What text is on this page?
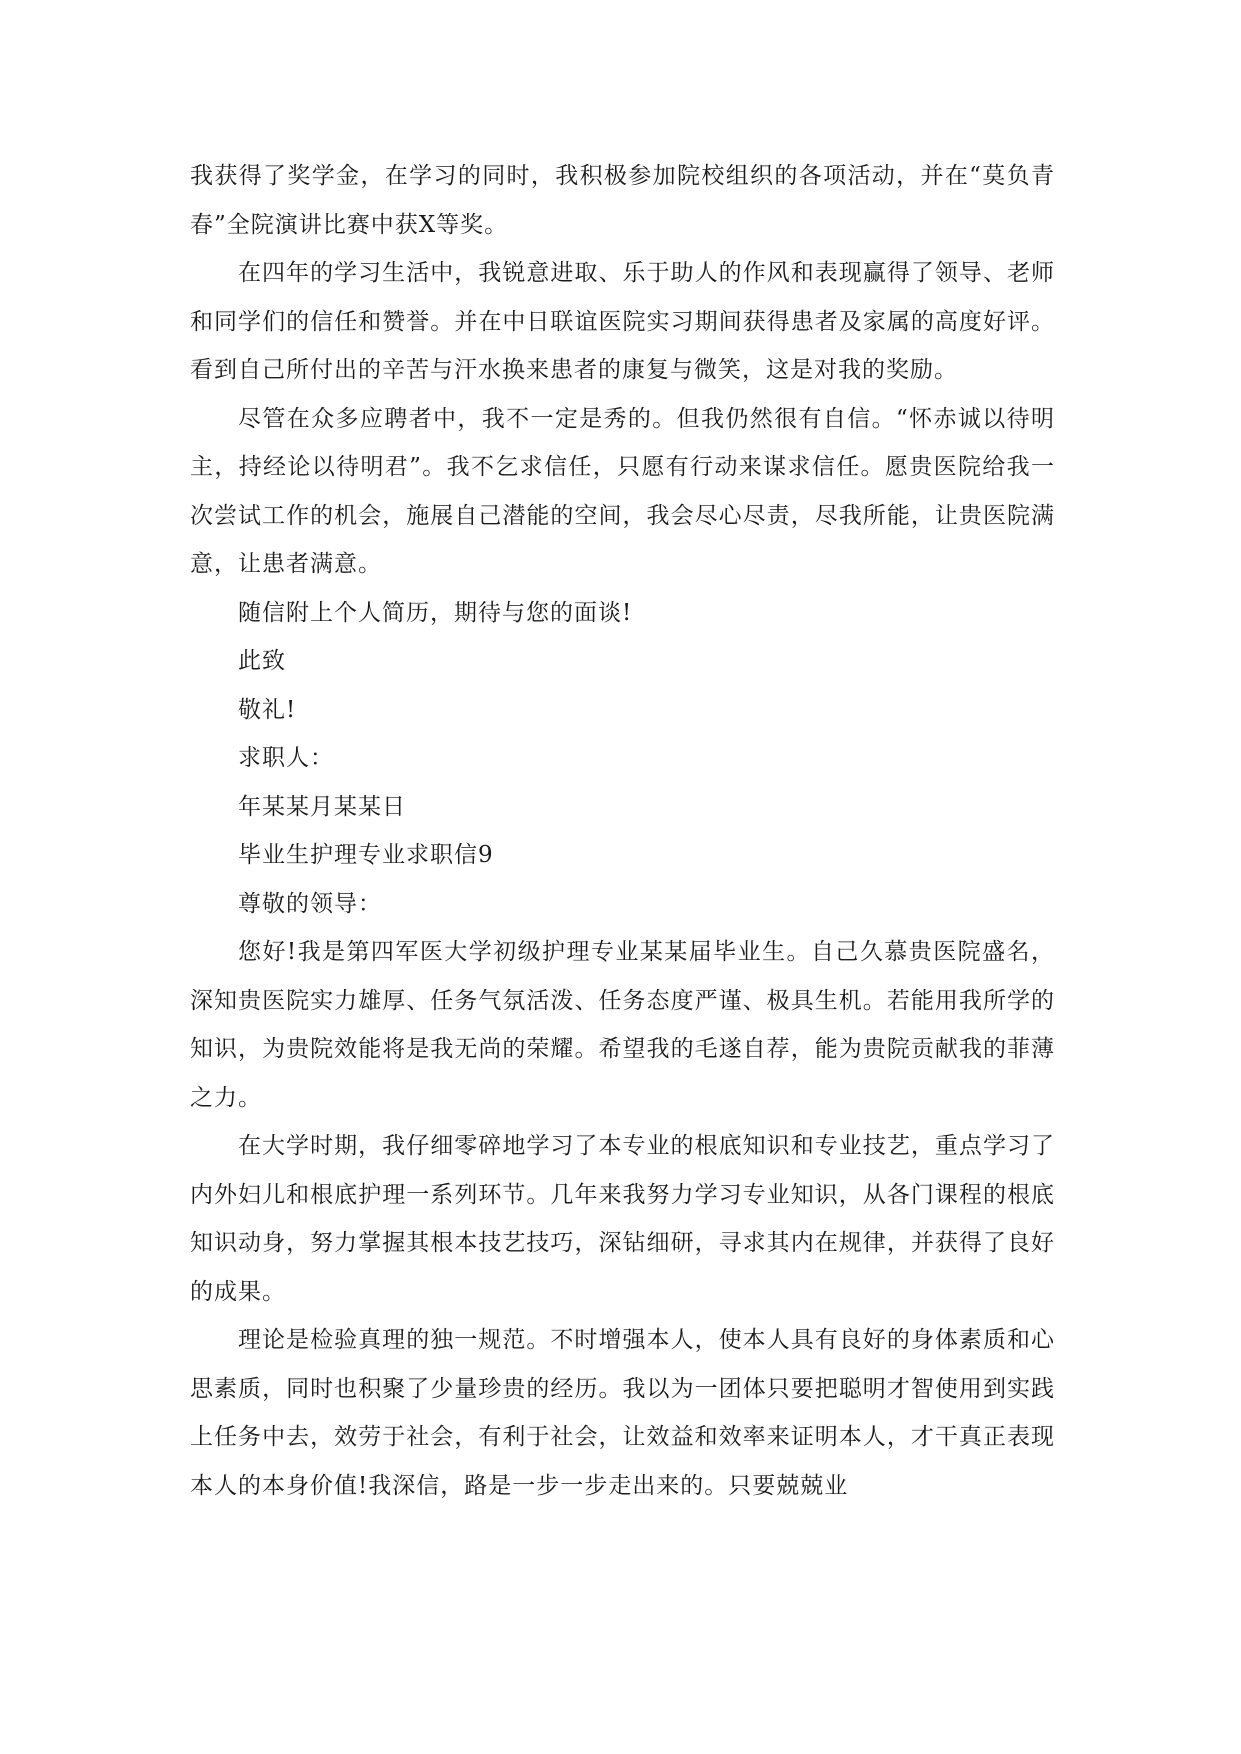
我获得了奖学金，在学习的同时，我积极参加院校组织的各项活动，并在“莫负青春”全院演讲比赛中获X等奖。

在四年的学习生活中，我锐意进取、乐于助人的作风和表现赢得了领导、老师和同学们的信任和赞誉。并在中日联谊医院实习期间获得患者及家属的高度好评。看到自己所付出的辛苦与汗水换来患者的康复与微笑，这是对我的奖励。

尽管在众多应聘者中，我不一定是秀的。但我仍然很有自信。“怀赤诚以待明主，持经论以待明君”。我不乞求信任，只愿有行动来谋求信任。愿贵医院给我一次尝试工作的机会，施展自己潜能的空间，我会尽心尽责，尽我所能，让贵医院满意，让患者满意。

随信附上个人简历，期待与您的面谈!

此致

敬礼!

求职人：

年某某月某某日

毕业生护理专业求职信9

尊敬的领导：

您好!我是第四军医大学初级护理专业某某届毕业生。自己久慕贵医院盛名，深知贵医院实力雄厚、任务气氛活泼、任务态度严谨、极具生机。若能用我所学的知识，为贵院效能将是我无尚的荣耀。希望我的毛遂自荐，能为贵院贡献我的菲薄之力。

在大学时期，我仔细零碎地学习了本专业的根底知识和专业技艺，重点学习了内外妇儿和根底护理一系列环节。几年来我努力学习专业知识，从各门课程的根底知识动身，努力掌握其根本技艺技巧，深钻细研，寻求其内在规律，并获得了良好的成果。

理论是检验真理的独一规范。不时增强本人，使本人具有良好的身体素质和心思素质，同时也积聚了少量珍贵的经历。我以为一团体只要把聪明才智使用到实践上任务中去，效劳于社会，有利于社会，让效益和效率来证明本人，才干真正表现本人的本身价值!我深信，路是一步一步走出来的。只要兢兢业
